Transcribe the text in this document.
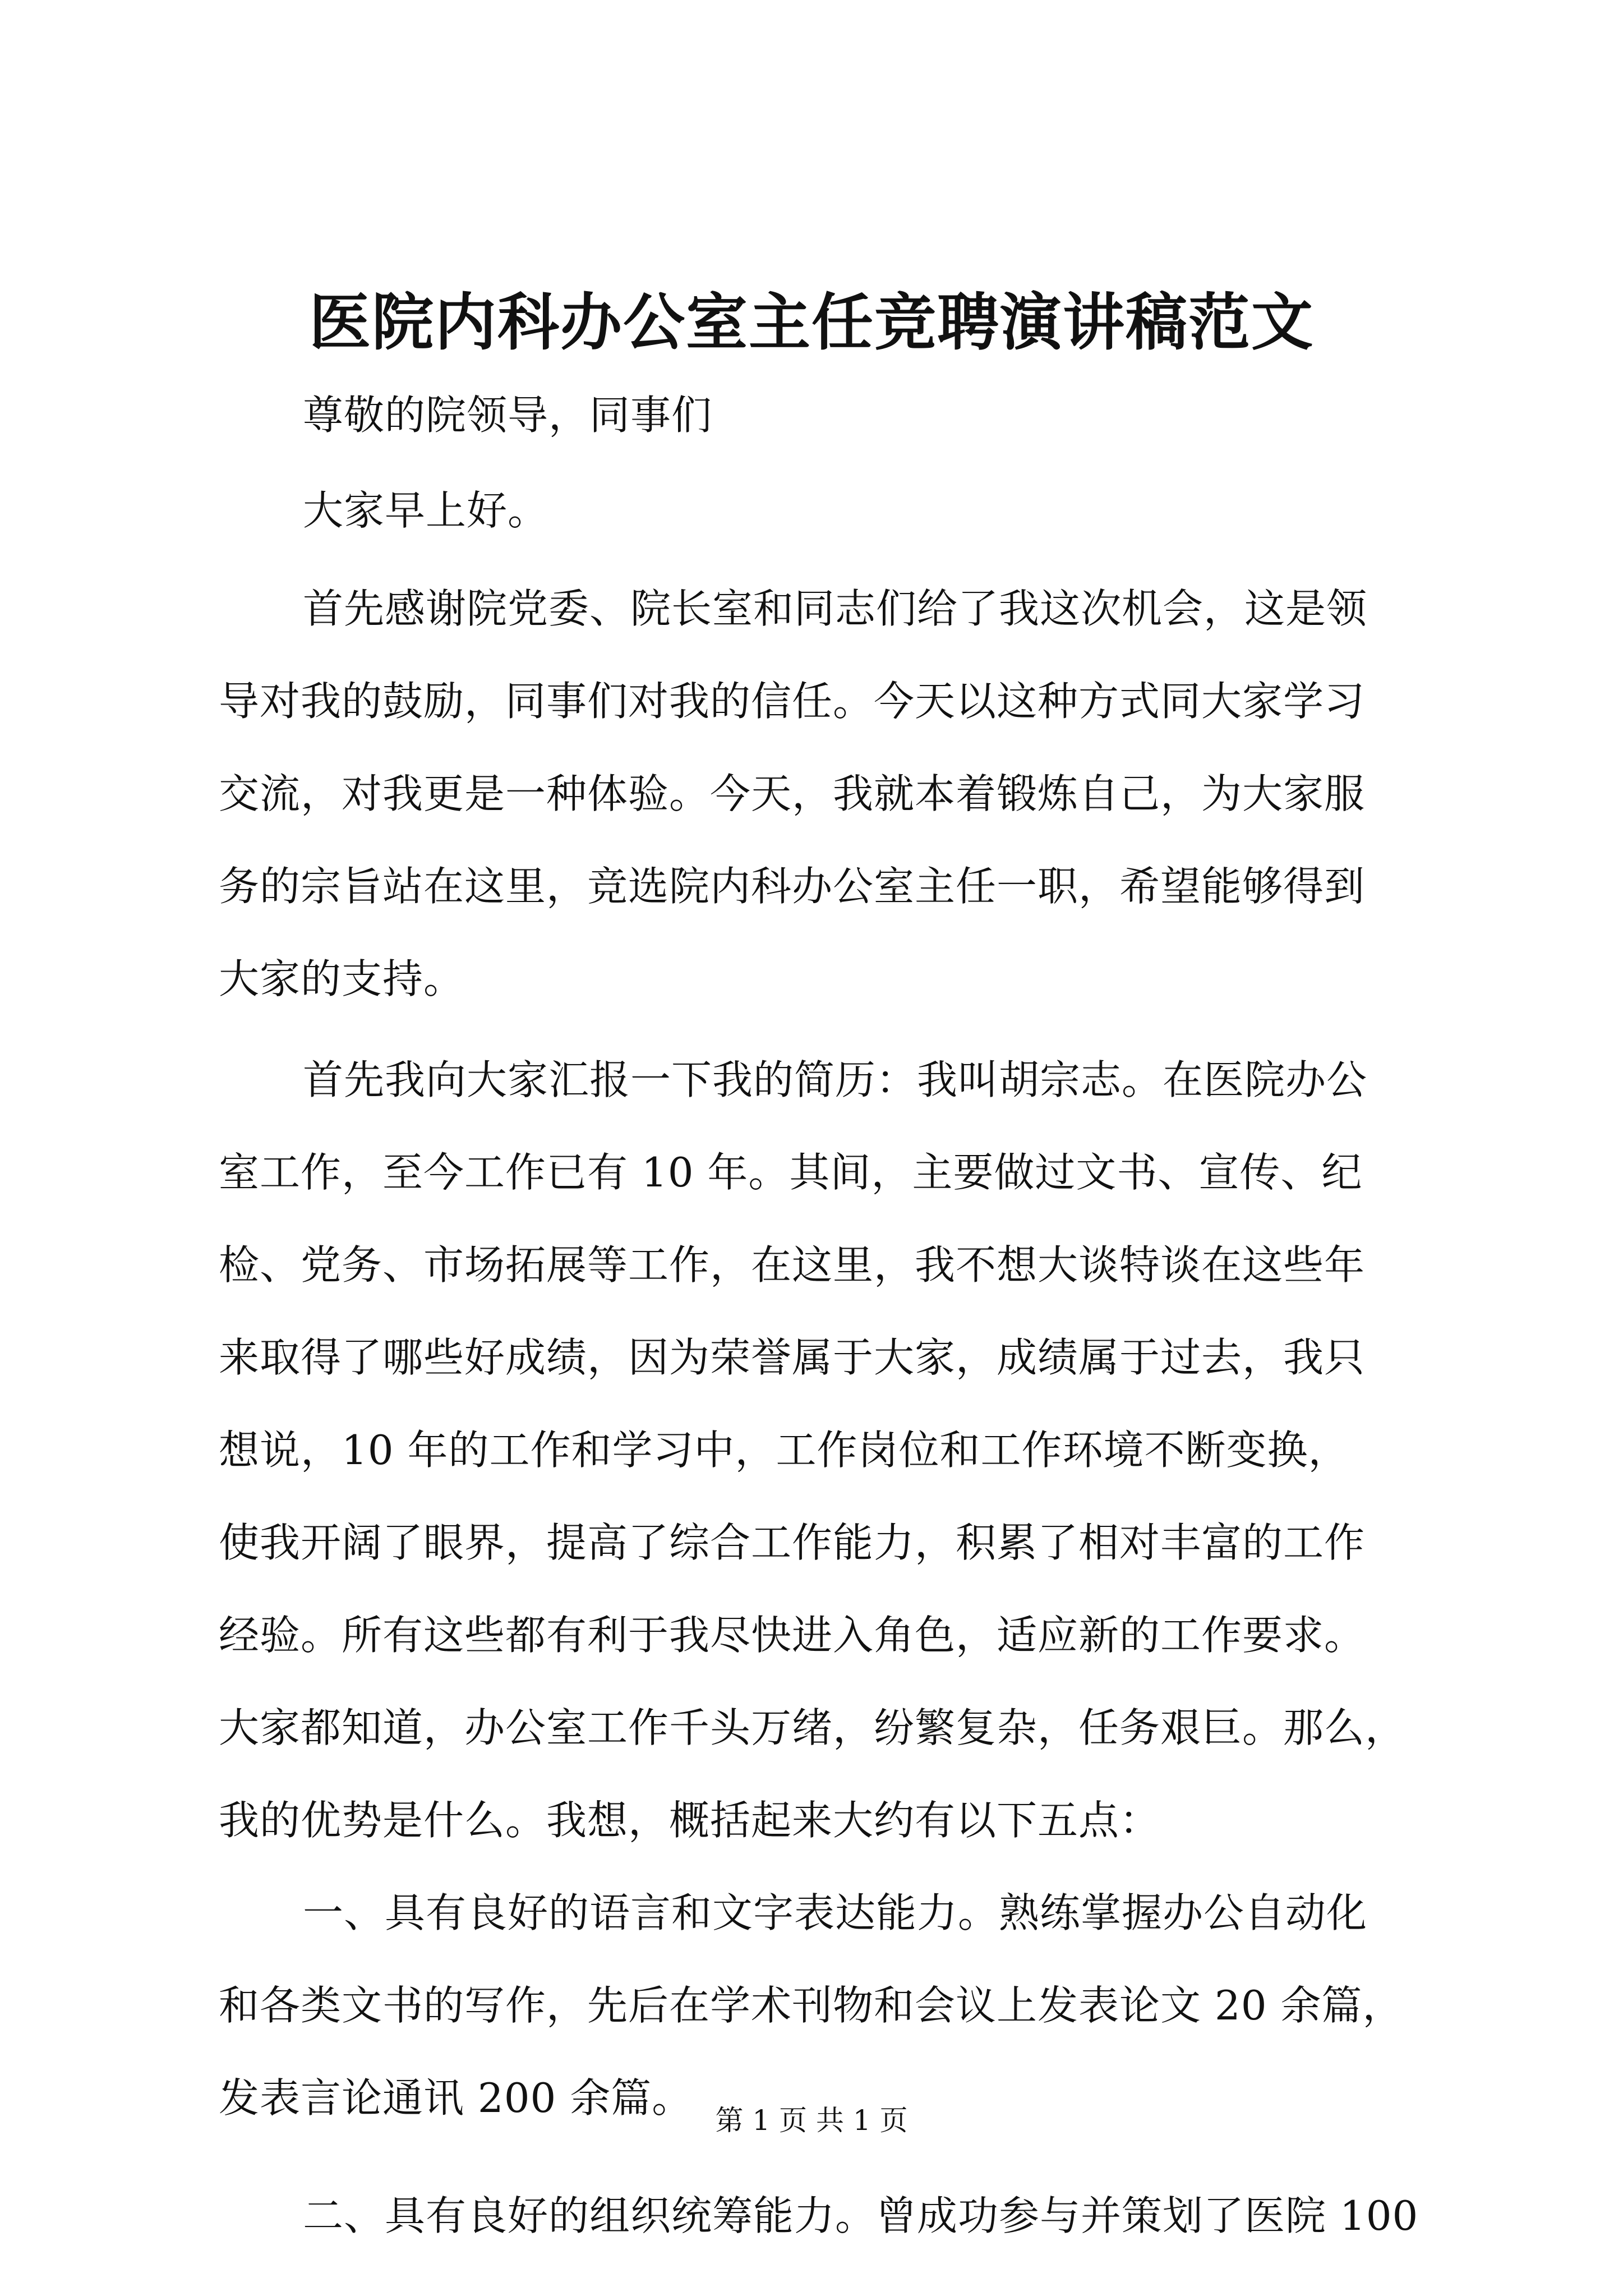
医院内科办公室主任竞聘演讲稿范文

尊敬的院领导，同事们

大家早上好。

首先感谢院党委、院长室和同志们给了我这次机会，这是领

导对我的鼓励，同事们对我的信任。今天以这种方式同大家学习

交流，对我更是一种体验。今天，我就本着锻炼自己，为大家服

务的宗旨站在这里，竞选院内科办公室主任一职，希望能够得到

大家的支持。

首先我向大家汇报一下我的简历：我叫胡宗志。在医院办公

室工作，至今工作已有 10 年。其间，主要做过文书、宣传、纪

检、党务、市场拓展等工作，在这里，我不想大谈特谈在这些年

来取得了哪些好成绩，因为荣誉属于大家，成绩属于过去，我只

想说，10 年的工作和学习中，工作岗位和工作环境不断变换，

使我开阔了眼界，提高了综合工作能力，积累了相对丰富的工作

经验。所有这些都有利于我尽快进入角色，适应新的工作要求。

大家都知道，办公室工作千头万绪，纷繁复杂，任务艰巨。那么，

我的优势是什么。我想，概括起来大约有以下五点：

一、具有良好的语言和文字表达能力。熟练掌握办公自动化

和各类文书的写作，先后在学术刊物和会议上发表论文 20 余篇，

发表言论通讯 200 余篇。

二、具有良好的组织统筹能力。曾成功参与并策划了医院 100

第 1 页 共 1 页
